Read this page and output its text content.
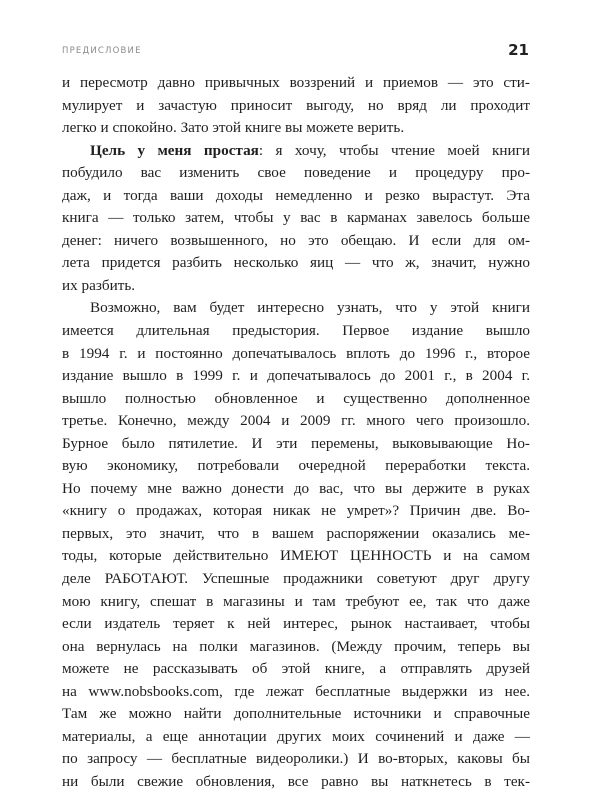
ПРЕДИСЛОВИЕ	21
и пересмотр давно привычных воззрений и приемов — это сти-
мулирует и зачастую приносит выгоду, но вряд ли проходит
легко и спокойно. Зато этой книге вы можете верить.
Цель у меня простая: я хочу, чтобы чтение моей книги
побудило вас изменить свое поведение и процедуру про-
даж, и тогда ваши доходы немедленно и резко вырастут. Эта
книга — только затем, чтобы у вас в карманах завелось больше
денег: ничего возвышенного, но это обещаю. И если для ом-
лета придется разбить несколько яиц — что ж, значит, нужно
их разбить.
Возможно, вам будет интересно узнать, что у этой книги
имеется длительная предыстория. Первое издание вышло
в 1994 г. и постоянно допечатывалось вплоть до 1996 г., второе
издание вышло в 1999 г. и допечатывалось до 2001 г., в 2004 г.
вышло полностью обновленное и существенно дополненное
третье. Конечно, между 2004 и 2009 гг. много чего произошло.
Бурное было пятилетие. И эти перемены, выковывающие Но-
вую экономику, потребовали очередной переработки текста.
Но почему мне важно донести до вас, что вы держите в руках
«книгу о продажах, которая никак не умрет»? Причин две. Во-
первых, это значит, что в вашем распоряжении оказались ме-
тоды, которые действительно ИМЕЮТ ЦЕННОСТЬ и на самом
деле РАБОТАЮТ. Успешные продажники советуют друг другу
мою книгу, спешат в магазины и там требуют ее, так что даже
если издатель теряет к ней интерес, рынок настаивает, чтобы
она вернулась на полки магазинов. (Между прочим, теперь вы
можете не рассказывать об этой книге, а отправлять друзей
на www.nobsbooks.com, где лежат бесплатные выдержки из нее.
Там же можно найти дополнительные источники и справочные
материалы, а еще аннотации других моих сочинений и даже —
по запросу — бесплатные видеоролики.) И во-вторых, каковы бы
ни были свежие обновления, все равно вы наткнетесь в тек-
